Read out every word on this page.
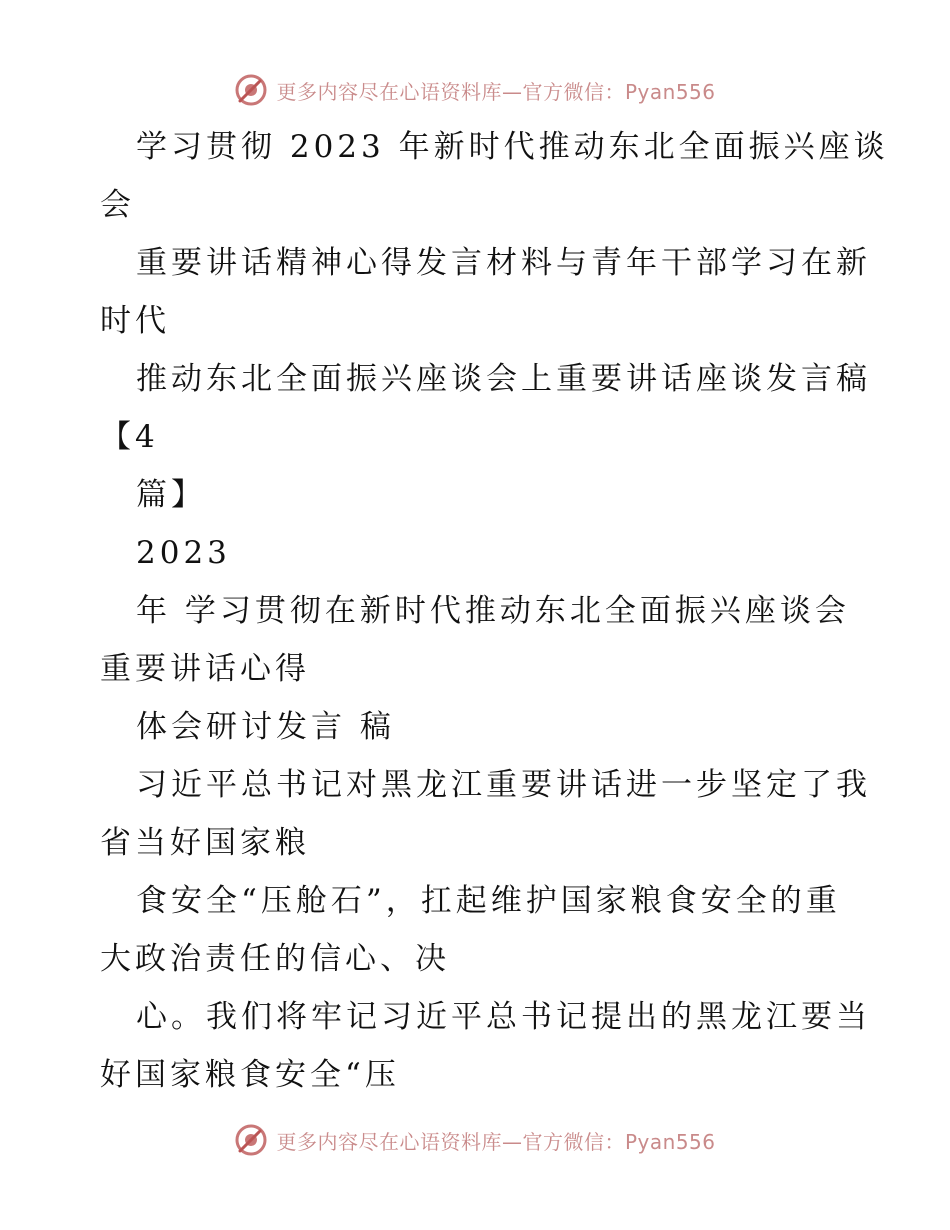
更多内容尽在心语资料库—官方微信：Pyan556
学习贯彻 2023 年新时代推动东北全面振兴座谈
会
重要讲话精神心得发言材料与青年干部学习在新
时代
推动东北全面振兴座谈会上重要讲话座谈发言稿
【4
篇】
2023
年 学习贯彻在新时代推动东北全面振兴座谈会
重要讲话心得
体会研讨发言 稿
习近平总书记对黑龙江重要讲话进一步坚定了我
省当好国家粮
食安全“压舱石”，扛起维护国家粮食安全的重
大政治责任的信心、决
心。我们将牢记习近平总书记提出的黑龙江要当
好国家粮食安全“压
更多内容尽在心语资料库—官方微信：Pyan556
